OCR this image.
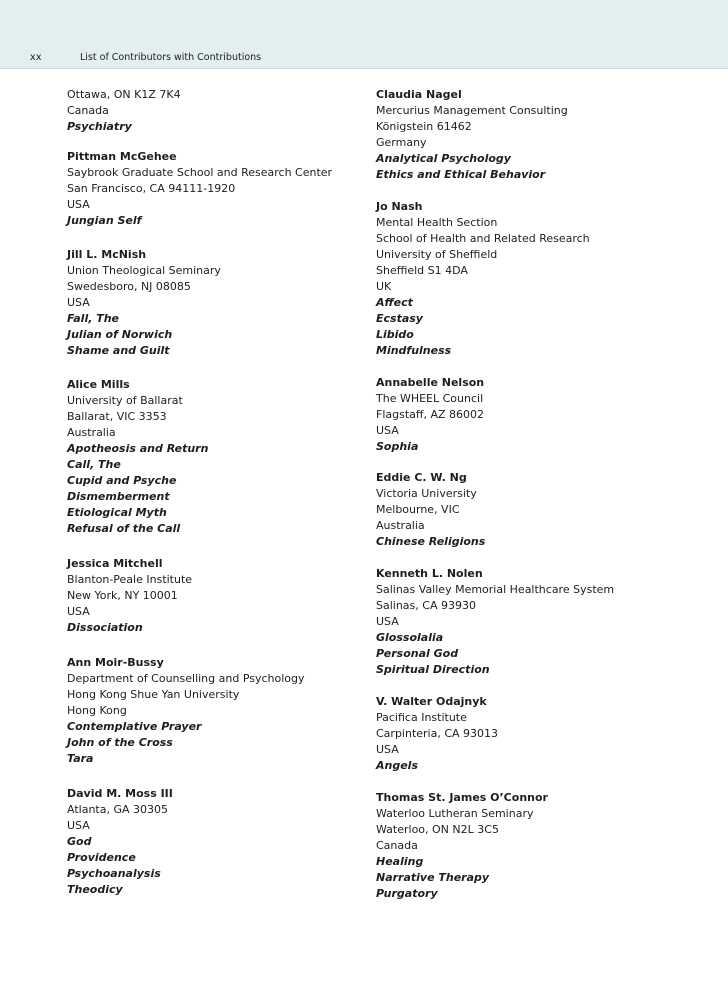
xx	List of Contributors with Contributions
Ottawa, ON K1Z 7K4
Canada
Psychiatry
Pittman McGehee
Saybrook Graduate School and Research Center
San Francisco, CA 94111-1920
USA
Jungian Self
Jill L. McNish
Union Theological Seminary
Swedesboro, NJ 08085
USA
Fall, The
Julian of Norwich
Shame and Guilt
Alice Mills
University of Ballarat
Ballarat, VIC 3353
Australia
Apotheosis and Return
Call, The
Cupid and Psyche
Dismemberment
Etiological Myth
Refusal of the Call
Jessica Mitchell
Blanton-Peale Institute
New York, NY 10001
USA
Dissociation
Ann Moir-Bussy
Department of Counselling and Psychology
Hong Kong Shue Yan University
Hong Kong
Contemplative Prayer
John of the Cross
Tara
David M. Moss III
Atlanta, GA 30305
USA
God
Providence
Psychoanalysis
Theodicy
Claudia Nagel
Mercurius Management Consulting
Königstein 61462
Germany
Analytical Psychology
Ethics and Ethical Behavior
Jo Nash
Mental Health Section
School of Health and Related Research
University of Sheffield
Sheffield S1 4DA
UK
Affect
Ecstasy
Libido
Mindfulness
Annabelle Nelson
The WHEEL Council
Flagstaff, AZ 86002
USA
Sophia
Eddie C. W. Ng
Victoria University
Melbourne, VIC
Australia
Chinese Religions
Kenneth L. Nolen
Salinas Valley Memorial Healthcare System
Salinas, CA 93930
USA
Glossolalia
Personal God
Spiritual Direction
V. Walter Odajnyk
Pacifica Institute
Carpinteria, CA 93013
USA
Angels
Thomas St. James O’Connor
Waterloo Lutheran Seminary
Waterloo, ON N2L 3C5
Canada
Healing
Narrative Therapy
Purgatory
